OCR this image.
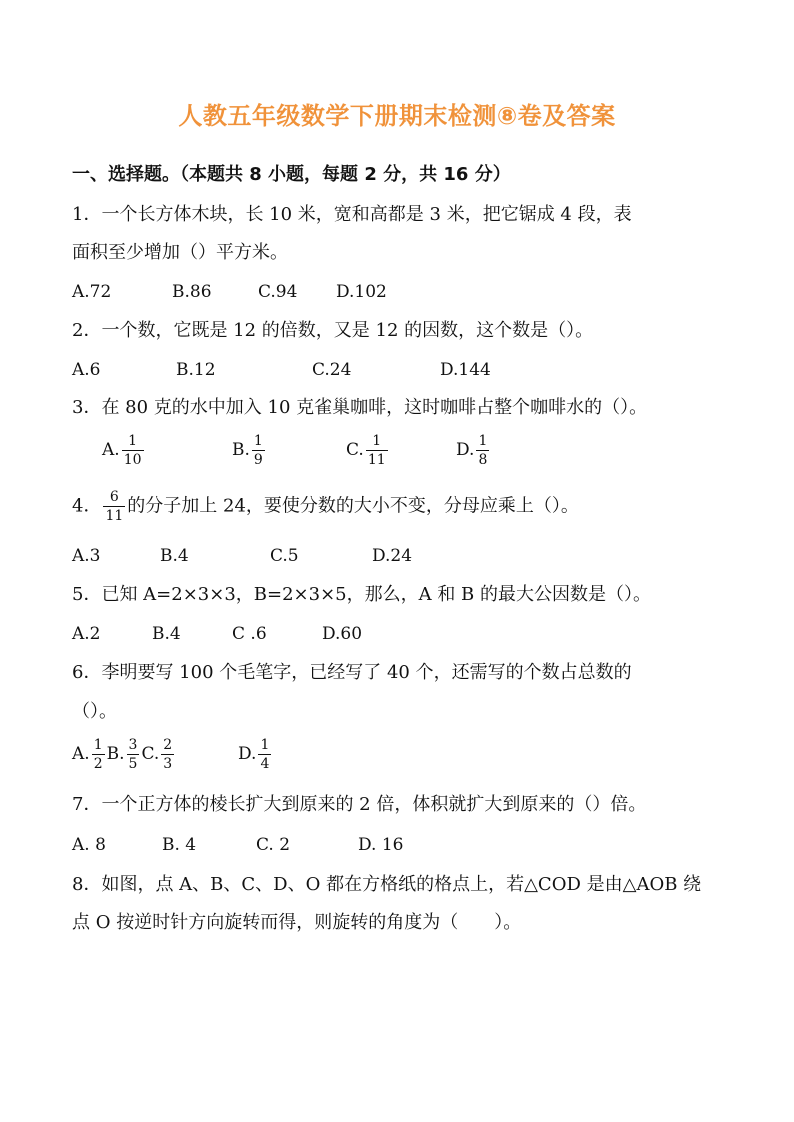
人教五年级数学下册期末检测⑧卷及答案
一、选择题。（本题共 8 小题，每题 2 分，共 16 分）
1．一个长方体木块，长 10 米，宽和高都是 3 米，把它锯成 4 段，表
面积至少增加（）平方米。
A.72	B.86	C.94 D.102
2．一个数，它既是 12 的倍数，又是 12 的因数，这个数是（）。
A.6	B.12	C.24	D.144
3．在 80 克的水中加入 10 克雀巢咖啡，这时咖啡占整个咖啡水的（）。
A. $\frac{1}{10}$	B. $\frac{1}{9}$	C. $\frac{1}{11}$	D. $\frac{1}{8}$
4． $\frac{6}{11}$ 的分子加上 24，要使分数的大小不变，分母应乘上（）。
A.3	B.4	C.5	D.24
5．已知 A=2×3×3，B=2×3×5，那么，A 和 B 的最大公因数是（）。
A.2	B.4	C .6	D.60
6．李明要写 100 个毛笔字，已经写了 40 个，还需写的个数占总数的
（）。
A. $\frac{1}{2} B$. $\frac{3}{5} C$. $\frac{2}{3}$	D. $\frac{1}{4}$
7．一个正方体的棱长扩大到原来的 2 倍，体积就扩大到原来的（）倍。
A. 8	B. 4	C. 2	D. 16
8．如图，点 A、B、C、D、O 都在方格纸的格点上，若△COD 是由△AOB 绕
点 O 按逆时针方向旋转而得，则旋转的角度为（　　）。
